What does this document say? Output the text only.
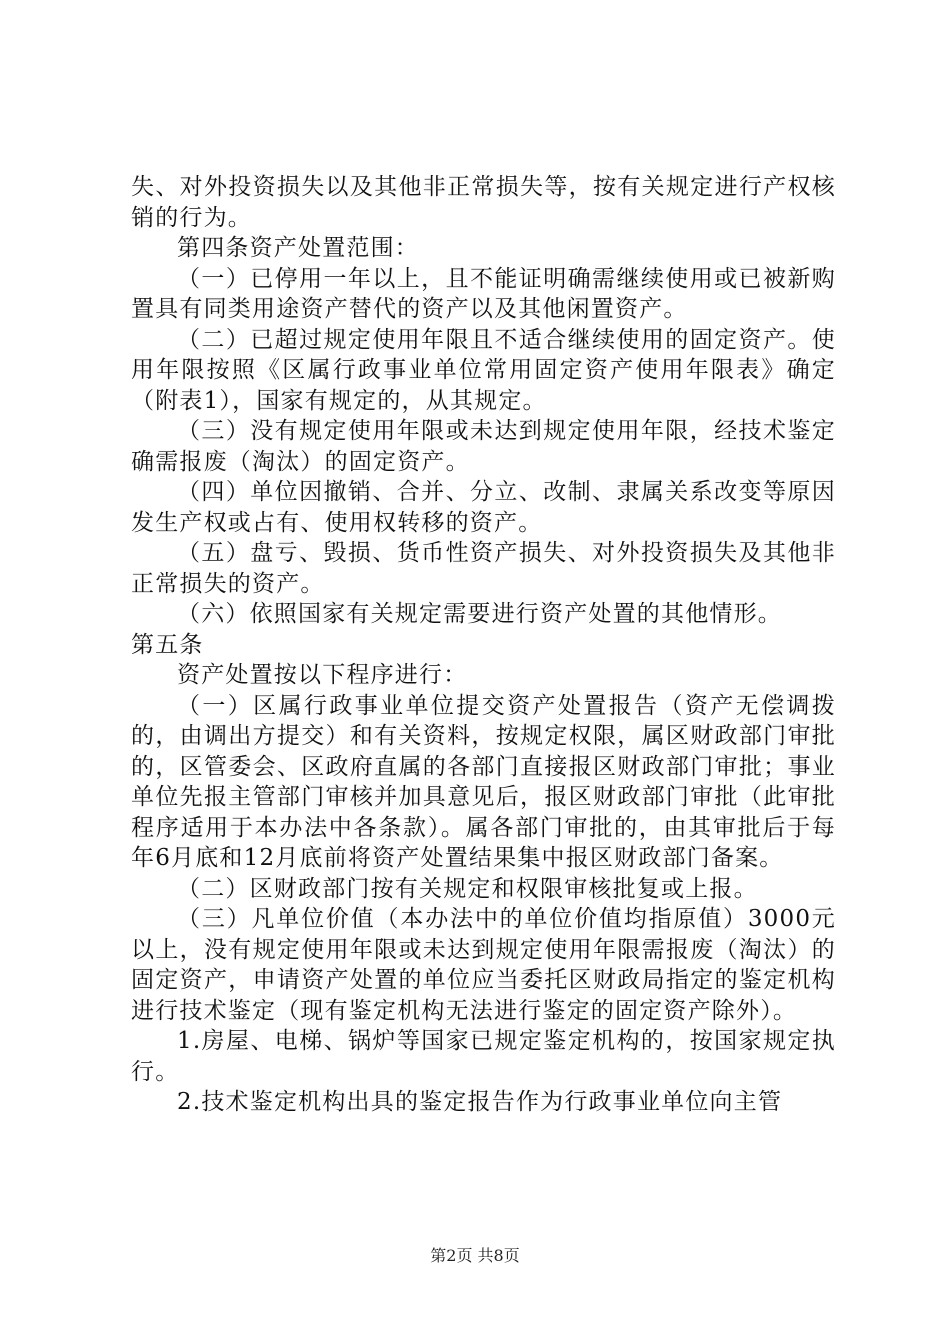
失、对外投资损失以及其他非正常损失等，按有关规定进行产权核销的行为。

第四条资产处置范围：

（一）已停用一年以上，且不能证明确需继续使用或已被新购置具有同类用途资产替代的资产以及其他闲置资产。

（二）已超过规定使用年限且不适合继续使用的固定资产。使用年限按照《区属行政事业单位常用固定资产使用年限表》确定（附表1），国家有规定的，从其规定。

（三）没有规定使用年限或未达到规定使用年限，经技术鉴定确需报废（淘汰）的固定资产。

（四）单位因撤销、合并、分立、改制、隶属关系改变等原因发生产权或占有、使用权转移的资产。

（五）盘亏、毁损、货币性资产损失、对外投资损失及其他非正常损失的资产。

（六）依照国家有关规定需要进行资产处置的其他情形。

第五条

资产处置按以下程序进行：

（一）区属行政事业单位提交资产处置报告（资产无偿调拨的，由调出方提交）和有关资料，按规定权限，属区财政部门审批的，区管委会、区政府直属的各部门直接报区财政部门审批；事业单位先报主管部门审核并加具意见后，报区财政部门审批（此审批程序适用于本办法中各条款）。属各部门审批的，由其审批后于每年6月底和12月底前将资产处置结果集中报区财政部门备案。

（二）区财政部门按有关规定和权限审核批复或上报。

（三）凡单位价值（本办法中的单位价值均指原值）3000元以上，没有规定使用年限或未达到规定使用年限需报废（淘汰）的固定资产，申请资产处置的单位应当委托区财政局指定的鉴定机构进行技术鉴定（现有鉴定机构无法进行鉴定的固定资产除外）。

1.房屋、电梯、锅炉等国家已规定鉴定机构的，按国家规定执行。

2.技术鉴定机构出具的鉴定报告作为行政事业单位向主管

第2页 共8页
